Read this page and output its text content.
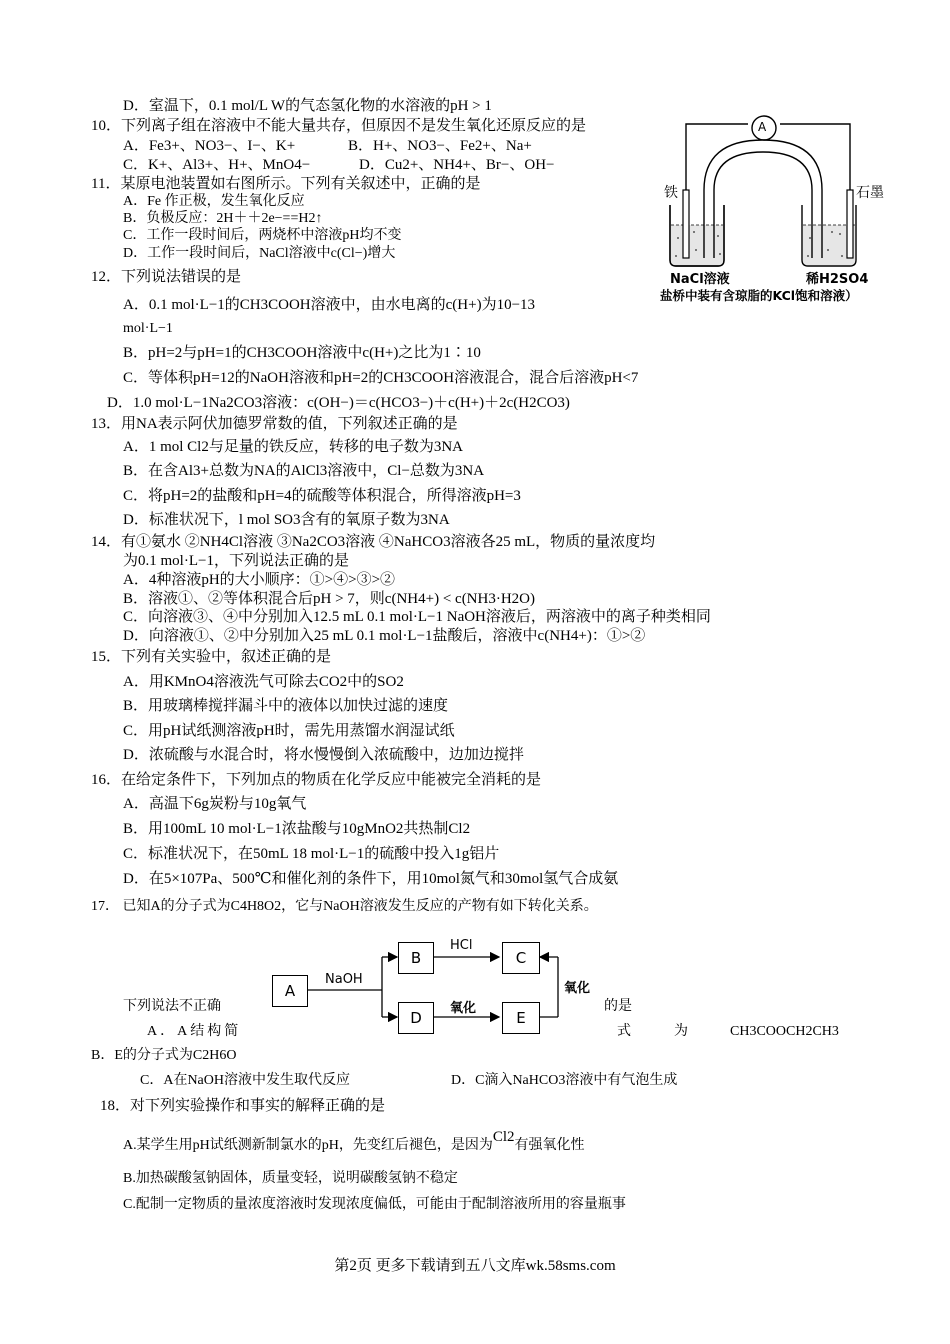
D．室温下，0.1 mol/L W的气态氢化物的水溶液的pH > 1
10．下列离子组在溶液中不能大量共存，但原因不是发生氧化还原反应的是
A．Fe3+、NO3−、I−、K+	B．H+、NO3−、Fe2+、Na+
C．K+、Al3+、H+、MnO4−	D．Cu2+、NH4+、Br−、OH−
11．某原电池装置如右图所示。下列有关叙述中，正确的是
A．Fe 作正极，发生氧化反应
B．负极反应：2H＋＋2e−==H2↑
C．工作一段时间后，两烧杯中溶液pH均不变
D．工作一段时间后，NaCl溶液中c(Cl−)增大
A
铁	石墨
NaCl溶液	稀H2SO4
盐桥中装有含琼脂的KCl饱和溶液）
12．下列说法错误的是
A．0.1 mol·L−1的CH3COOH溶液中，由水电离的c(H+)为10−13
mol·L−1
B．pH=2与pH=1的CH3COOH溶液中c(H+)之比为1∶10
C．等体积pH=12的NaOH溶液和pH=2的CH3COOH溶液混合，混合后溶液pH<7
D．1.0 mol·L−1Na2CO3溶液：c(OH−)＝c(HCO3−)＋c(H+)＋2c(H2CO3)
13．用NA表示阿伏加德罗常数的值，下列叙述正确的是
A．1 mol Cl2与足量的铁反应，转移的电子数为3NA
B．在含Al3+总数为NA的AlCl3溶液中，Cl−总数为3NA
C．将pH=2的盐酸和pH=4的硫酸等体积混合，所得溶液pH=3
D．标准状况下，l mol SO3含有的氧原子数为3NA
14．有①氨水 ②NH4Cl溶液 ③Na2CO3溶液 ④NaHCO3溶液各25 mL，物质的量浓度均
为0.1 mol·L−1，下列说法正确的是
A．4种溶液pH的大小顺序：①>④>③>②
B．溶液①、②等体积混合后pH > 7，则c(NH4+) < c(NH3·H2O)
C．向溶液③、④中分别加入12.5 mL 0.1 mol·L−1 NaOH溶液后，两溶液中的离子种类相同
D．向溶液①、②中分别加入25 mL 0.1 mol·L−1盐酸后，溶液中c(NH4+)：①>②
15．下列有关实验中，叙述正确的是
A．用KMnO4溶液洗气可除去CO2中的SO2
B．用玻璃棒搅拌漏斗中的液体以加快过滤的速度
C．用pH试纸测溶液pH时，需先用蒸馏水润湿试纸
D．浓硫酸与水混合时，将水慢慢倒入浓硫酸中，边加边搅拌
16．在给定条件下，下列加点的物质在化学反应中能被完全消耗的是
A．高温下6g炭粉与10g氧气
B．用100mL 10 mol·L−1浓盐酸与10gMnO2共热制Cl2
C．标准状况下，在50mL 18 mol·L−1的硫酸中投入1g铝片
D．在5×107Pa、500℃和催化剂的条件下，用10mol氮气和30mol氢气合成氨
17． 已知A的分子式为C4H8O2，它与NaOH溶液发生反应的产物有如下转化关系。
A
B	C
D	E
NaOH
HCl
氧化
氧化
下列说法不正确	的是
A．A结构简	式	为	CH3COOCH2CH3
B．E的分子式为C2H6O
C．A在NaOH溶液中发生取代反应	D．C滴入NaHCO3溶液中有气泡生成
18．对下列实验操作和事实的解释正确的是
A.某学生用pH试纸测新制氯水的pH，先变红后褪色，是因为Cl2有强氧化性
B.加热碳酸氢钠固体，质量变轻，说明碳酸氢钠不稳定
C.配制一定物质的量浓度溶液时发现浓度偏低，可能由于配制溶液所用的容量瓶事
第2页 更多下载请到五八文库wk.58sms.com
